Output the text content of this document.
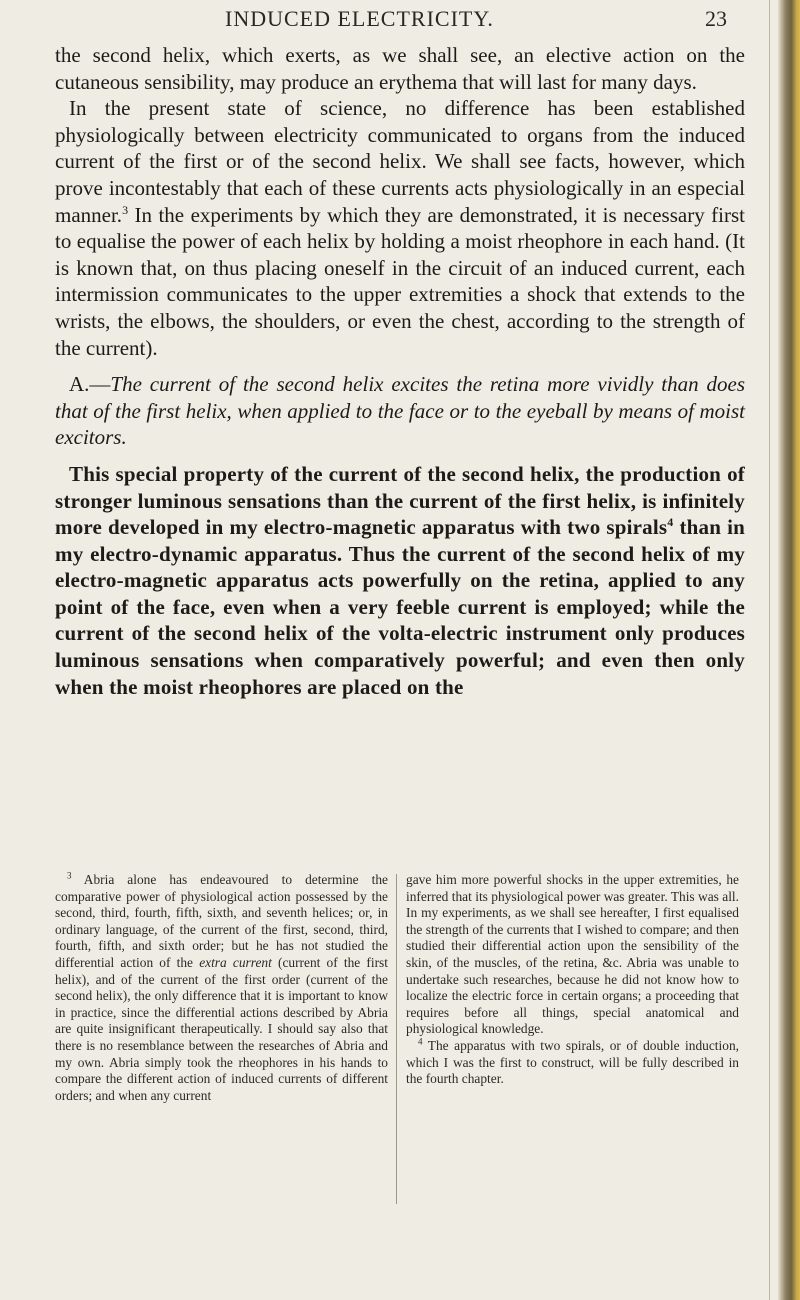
INDUCED ELECTRICITY.	23

the second helix, which exerts, as we shall see, an elective action on the cutaneous sensibility, may produce an erythema that will last for many days.

In the present state of science, no difference has been established physiologically between electricity communicated to organs from the induced current of the first or of the second helix. We shall see facts, however, which prove incontestably that each of these currents acts physiologically in an especial manner.$^3$ In the experiments by which they are demonstrated, it is necessary first to equalise the power of each helix by holding a moist rheophore in each hand. (It is known that, on thus placing oneself in the circuit of an induced current, each intermission communicates to the upper extremities a shock that extends to the wrists, the elbows, the shoulders, or even the chest, according to the strength of the current).

A.—The current of the second helix excites the retina more vividly than does that of the first helix, when applied to the face or to the eyeball by means of moist excitors.

This special property of the current of the second helix, the production of stronger luminous sensations than the current of the first helix, is infinitely more developed in my electro-magnetic apparatus with two spirals$^4$ than in my electro-dynamic apparatus. Thus the current of the second helix of my electro-magnetic apparatus acts powerfully on the retina, applied to any point of the face, even when a very feeble current is employed; while the current of the second helix of the volta-electric instrument only produces luminous sensations when comparatively powerful; and even then only when the moist rheophores are placed on the

$^3$ Abria alone has endeavoured to determine the comparative power of physiological action possessed by the second, third, fourth, fifth, sixth, and seventh helices; or, in ordinary language, of the current of the first, second, third, fourth, fifth, and sixth order; but he has not studied the differential action of the extra current (current of the first helix), and of the current of the first order (current of the second helix), the only difference that it is important to know in practice, since the differential actions described by Abria are quite insignificant therapeutically. I should say also that there is no resemblance between the researches of Abria and my own. Abria simply took the rheophores in his hands to compare the different action of induced currents of different orders; and when any current

gave him more powerful shocks in the upper extremities, he inferred that its physiological power was greater. This was all. In my experiments, as we shall see hereafter, I first equalised the strength of the currents that I wished to compare; and then studied their differential action upon the sensibility of the skin, of the muscles, of the retina, &c. Abria was unable to undertake such researches, because he did not know how to localize the electric force in certain organs; a proceeding that requires before all things, special anatomical and physiological knowledge.

$^4$ The apparatus with two spirals, or of double induction, which I was the first to construct, will be fully described in the fourth chapter.
